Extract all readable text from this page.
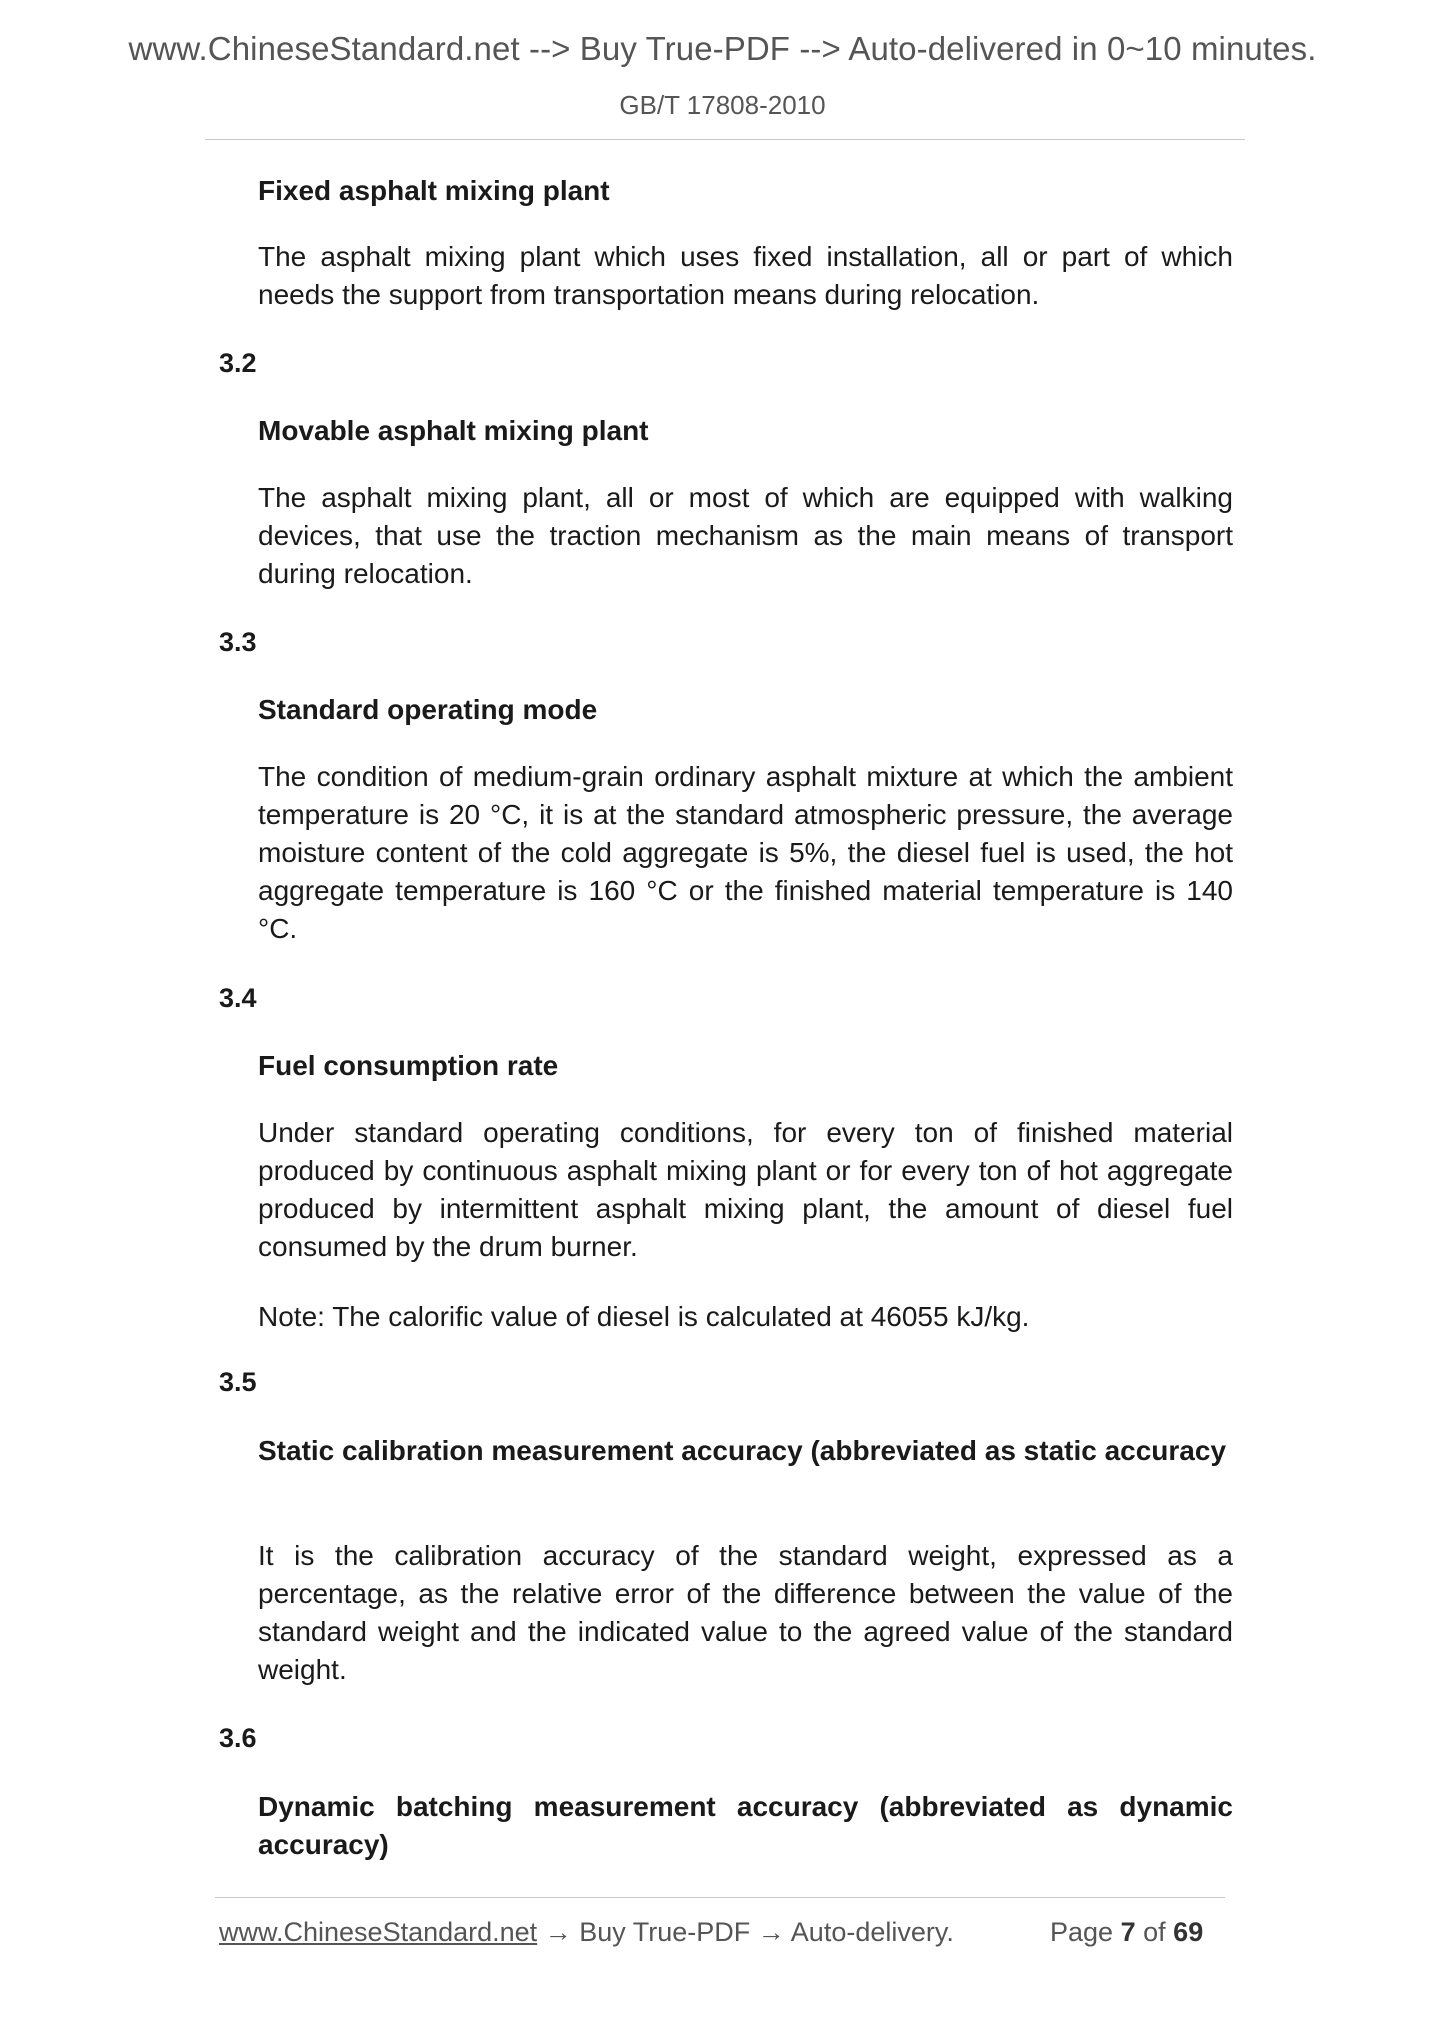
www.ChineseStandard.net --> Buy True-PDF --> Auto-delivered in 0~10 minutes.
GB/T 17808-2010
Fixed asphalt mixing plant
The asphalt mixing plant which uses fixed installation, all or part of which needs the support from transportation means during relocation.
3.2
Movable asphalt mixing plant
The asphalt mixing plant, all or most of which are equipped with walking devices, that use the traction mechanism as the main means of transport during relocation.
3.3
Standard operating mode
The condition of medium-grain ordinary asphalt mixture at which the ambient temperature is 20 °C, it is at the standard atmospheric pressure, the average moisture content of the cold aggregate is 5%, the diesel fuel is used, the hot aggregate temperature is 160 °C or the finished material temperature is 140 °C.
3.4
Fuel consumption rate
Under standard operating conditions, for every ton of finished material produced by continuous asphalt mixing plant or for every ton of hot aggregate produced by intermittent asphalt mixing plant, the amount of diesel fuel consumed by the drum burner.
Note: The calorific value of diesel is calculated at 46055 kJ/kg.
3.5
Static calibration measurement accuracy (abbreviated as static accuracy
It is the calibration accuracy of the standard weight, expressed as a percentage, as the relative error of the difference between the value of the standard weight and the indicated value to the agreed value of the standard weight.
3.6
Dynamic batching measurement accuracy (abbreviated as dynamic accuracy)
www.ChineseStandard.net → Buy True-PDF → Auto-delivery.	Page 7 of 69
